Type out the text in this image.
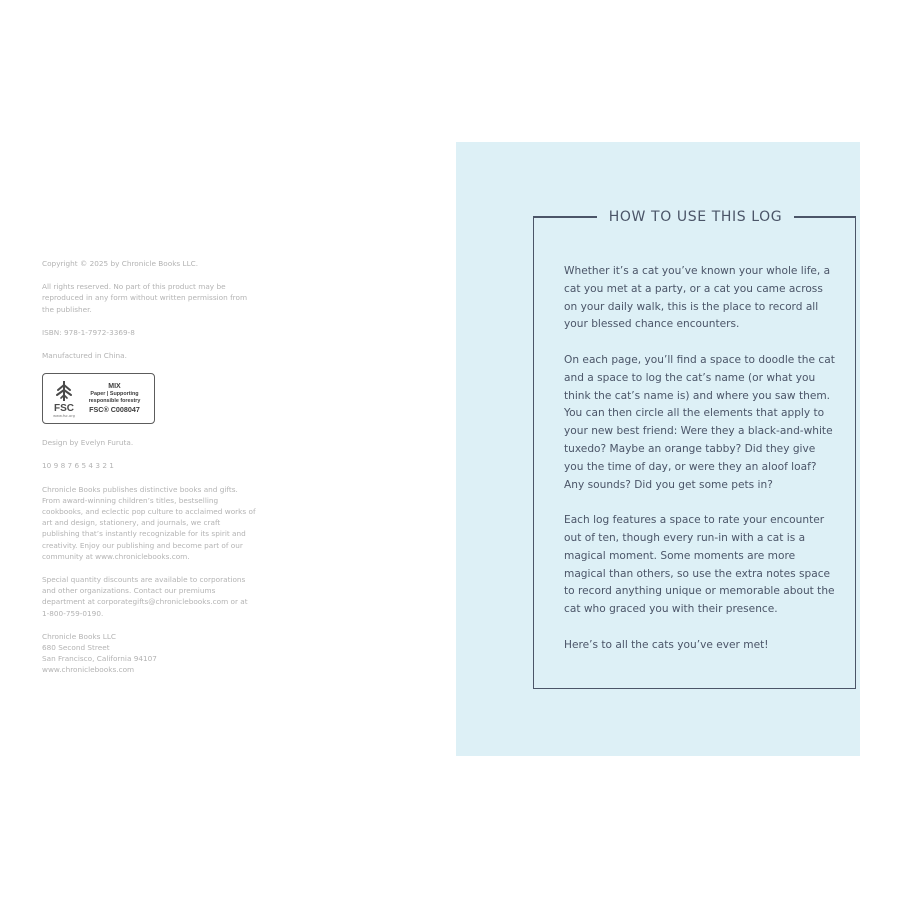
Copyright © 2025 by Chronicle Books LLC.

All rights reserved. No part of this product may be reproduced in any form without written permission from the publisher.

ISBN: 978-1-7972-3369-8

Manufactured in China.

FSC
www.fsc.org
MIX
Paper | Supporting responsible forestry
FSC® C008047

Design by Evelyn Furuta.

10 9 8 7 6 5 4 3 2 1

Chronicle Books publishes distinctive books and gifts. From award-winning children’s titles, bestselling cookbooks, and eclectic pop culture to acclaimed works of art and design, stationery, and journals, we craft publishing that’s instantly recognizable for its spirit and creativity. Enjoy our publishing and become part of our community at www.chroniclebooks.com.

Special quantity discounts are available to corporations and other organizations. Contact our premiums department at corporategifts@chroniclebooks.com or at 1-800-759-0190.

Chronicle Books LLC
680 Second Street
San Francisco, California 94107
www.chroniclebooks.com

HOW TO USE THIS LOG

Whether it’s a cat you’ve known your whole life, a cat you met at a party, or a cat you came across on your daily walk, this is the place to record all your blessed chance encounters.

On each page, you’ll find a space to doodle the cat and a space to log the cat’s name (or what you think the cat’s name is) and where you saw them. You can then circle all the elements that apply to your new best friend: Were they a black-and-white tuxedo? Maybe an orange tabby? Did they give you the time of day, or were they an aloof loaf? Any sounds? Did you get some pets in?

Each log features a space to rate your encounter out of ten, though every run-in with a cat is a magical moment. Some moments are more magical than others, so use the extra notes space to record anything unique or memorable about the cat who graced you with their presence.

Here’s to all the cats you’ve ever met!
